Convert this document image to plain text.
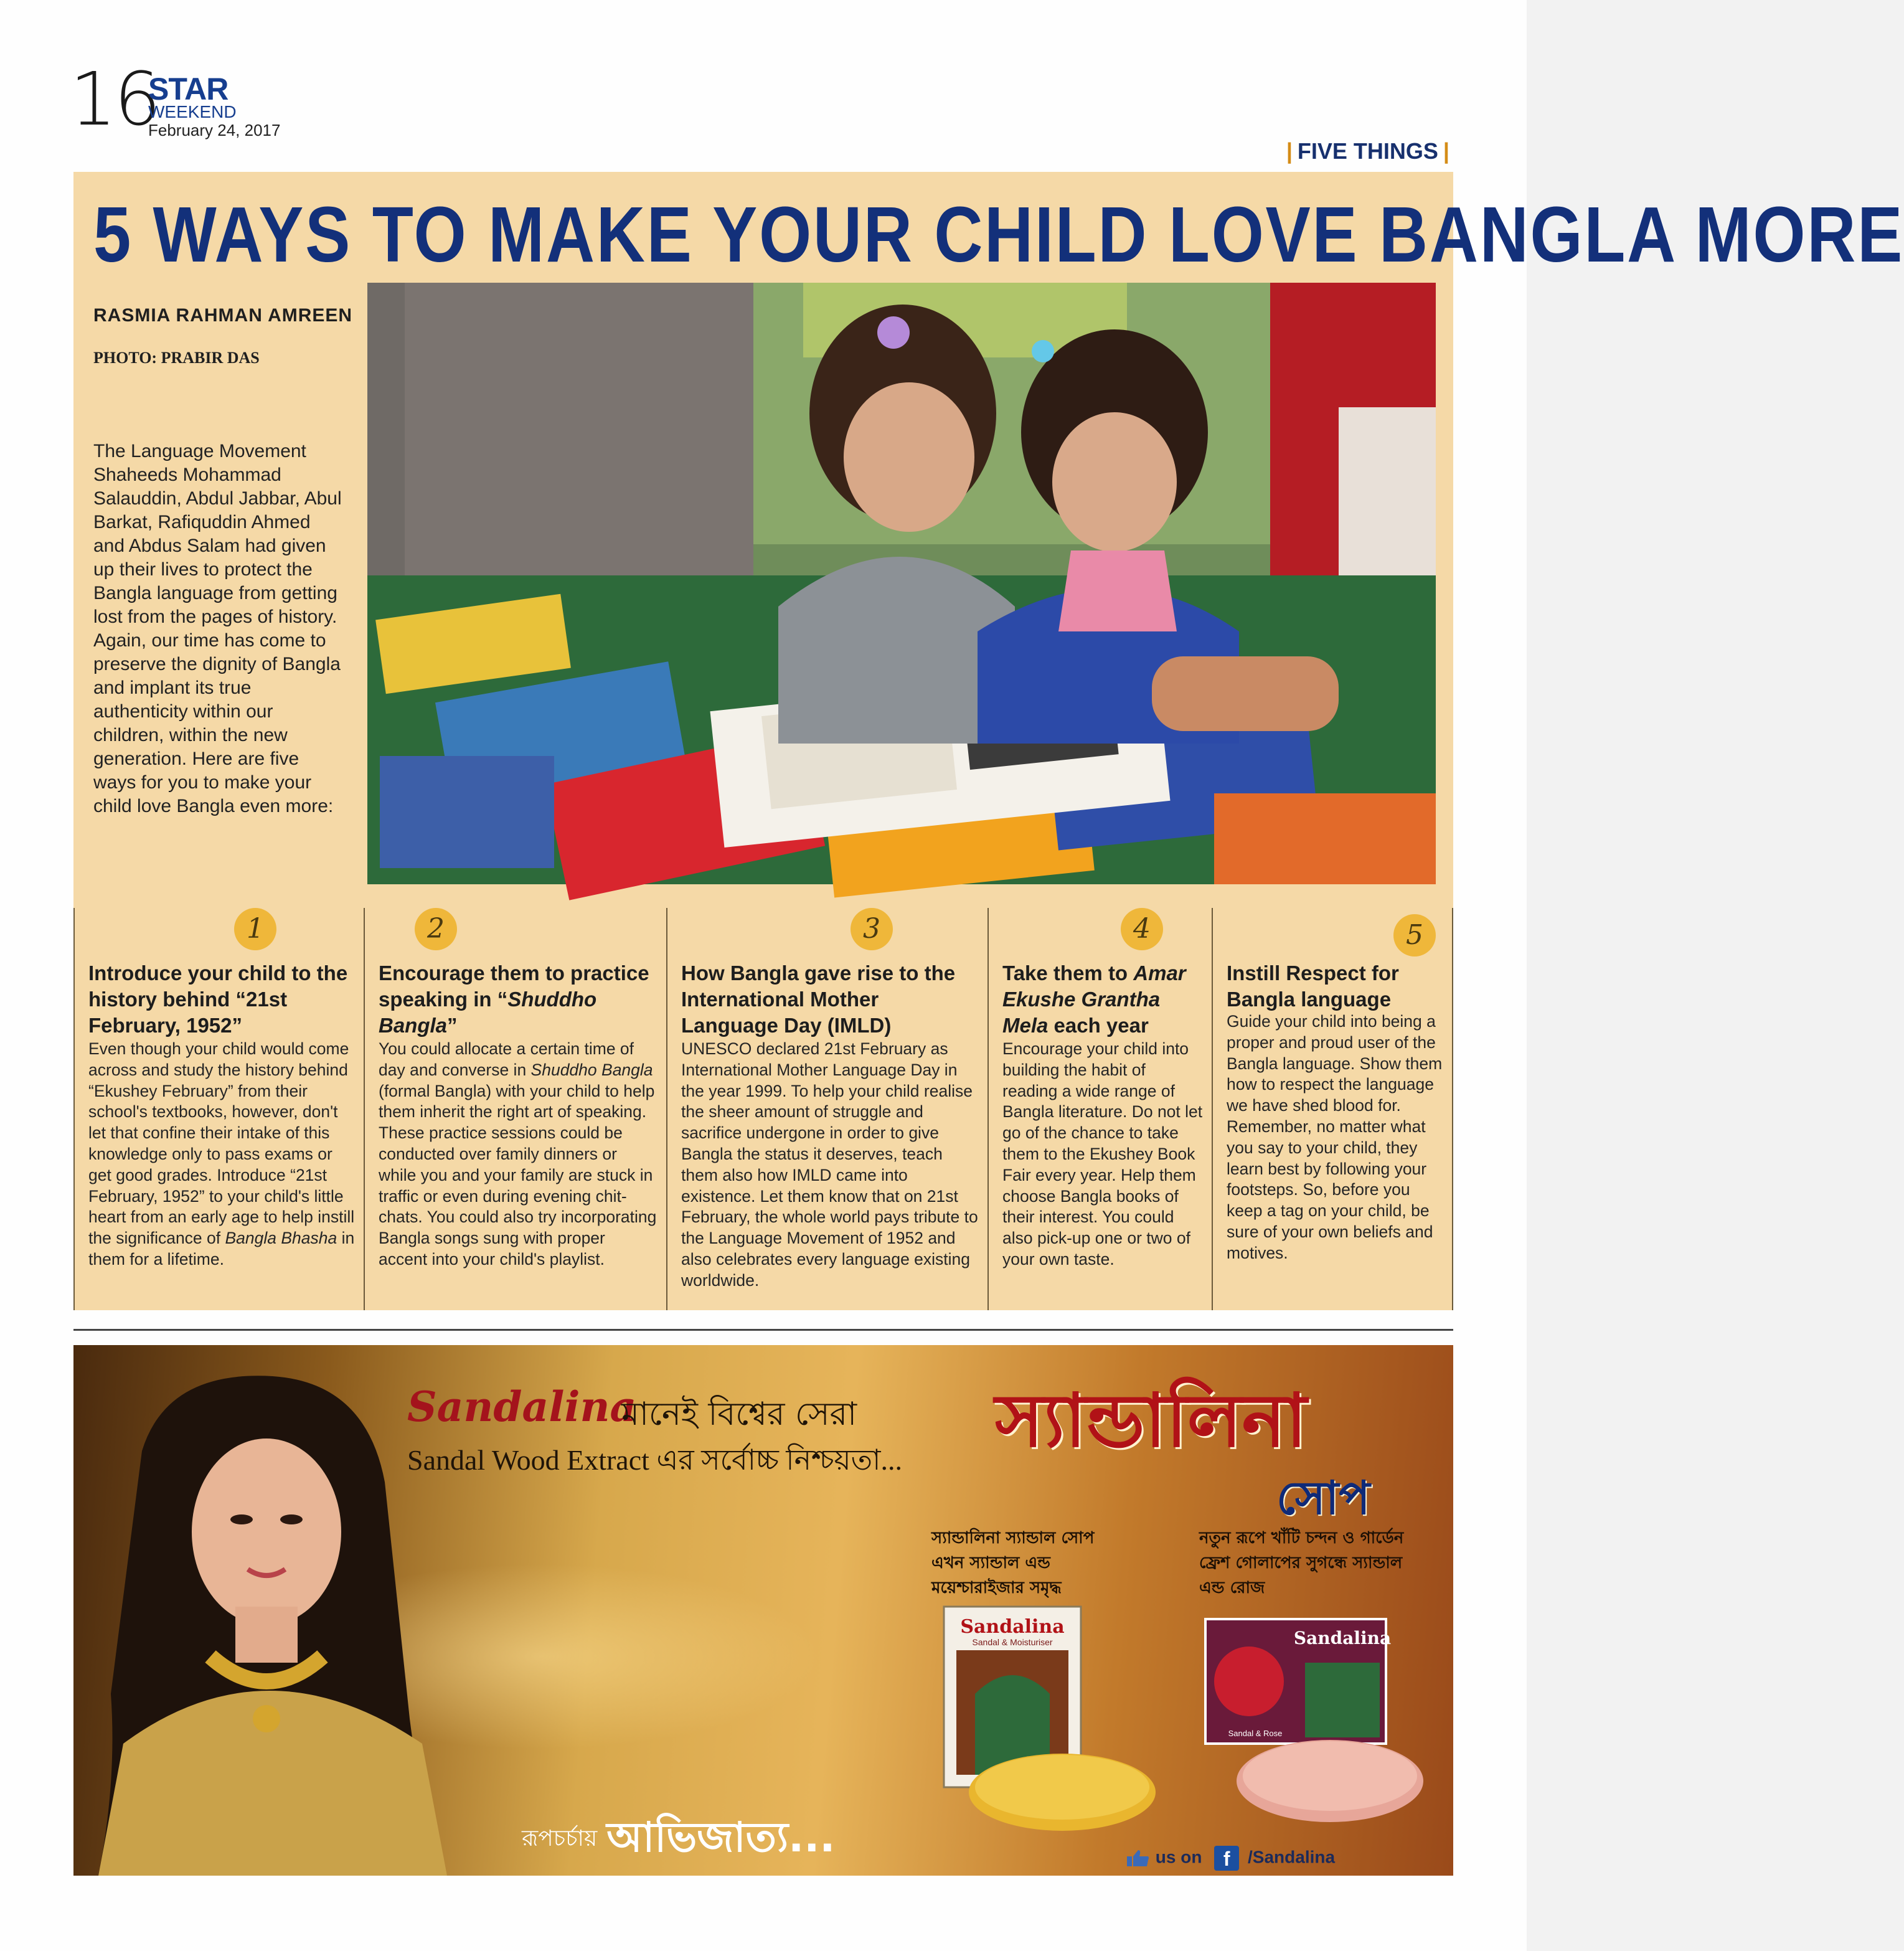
16
STAR
WEEKEND
February 24, 2017
| FIVE THINGS |
5 WAYS TO MAKE YOUR CHILD LOVE BANGLA MORE
RASMIA RAHMAN AMREEN
PHOTO: PRABIR DAS

The Language Movement Shaheeds Mohammad Salauddin, Abdul Jabbar, Abul Barkat, Rafiquddin Ahmed and Abdus Salam had given up their lives to protect the Bangla language from getting lost from the pages of history. Again, our time has come to preserve the dignity of Bangla and implant its true authenticity within our children, within the new generation. Here are five ways for you to make your child love Bangla even more:

1
Introduce your child to the history behind “21st February, 1952”

Even though your child would come across and study the history behind “Ekushey February” from their school's textbooks, however, don't let that confine their intake of this knowledge only to pass exams or get good grades. Introduce “21st February, 1952” to your child's little heart from an early age to help instill the significance of Bangla Bhasha in them for a lifetime.

2
Encourage them to practice speaking in “Shuddho Bangla”

You could allocate a certain time of day and converse in Shuddho Bangla (formal Bangla) with your child to help them inherit the right art of speaking. These practice sessions could be conducted over family dinners or while you and your family are stuck in traffic or even during evening chit-chats. You could also try incorporating Bangla songs sung with proper accent into your child's playlist.

3
How Bangla gave rise to the International Mother Language Day (IMLD)

UNESCO declared 21st February as International Mother Language Day in the year 1999. To help your child realise the sheer amount of struggle and sacrifice undergone in order to give Bangla the status it deserves, teach them also how IMLD came into existence. Let them know that on 21st February, the whole world pays tribute to the Language Movement of 1952 and also celebrates every language existing worldwide.

4
Take them to Amar Ekushe Grantha Mela each year

Encourage your child into building the habit of reading a wide range of Bangla literature. Do not let go of the chance to take them to the Ekushey Book Fair every year. Help them choose Bangla books of their interest. You could also pick-up one or two of your own taste.

5
Instill Respect for Bangla language

Guide your child into being a proper and proud user of the Bangla language. Show them how to respect the language we have shed blood for. Remember, no matter what you say to your child, they learn best by following your footsteps. So, before you keep a tag on your child, be sure of your own beliefs and motives.

Sandalina
মানেই বিশ্বের সেরা
Sandal Wood Extract এর সর্বোচ্চ নিশ্চয়তা... স্যান্ডালিনা
সোপ
স্যান্ডালিনা স্যান্ডাল সোপ এখন স্যান্ডাল এন্ড ময়েশ্চারাইজার সমৃদ্ধ
নতুন রূপে খাঁটি চন্দন ও গার্ডেন ফ্রেশ গোলাপের সুগন্ধে স্যান্ডাল এন্ড রোজ
Sandalina
Sandal & Moisturiser	Sandalina
Sandal & Rose
রূপচর্চায় আভিজাত্য...	us on f /Sandalina
